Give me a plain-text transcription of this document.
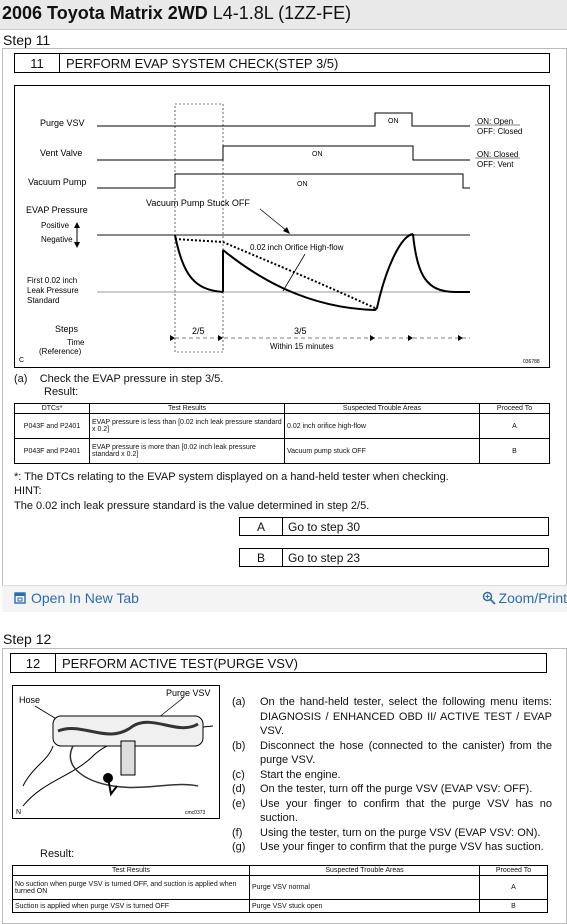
2006 Toyota Matrix 2WD L4-1.8L (1ZZ-FE)
Step 11
11	PERFORM EVAP SYSTEM CHECK(STEP 3/5)
Purge VSV
Vent Valve
Vacuum Pump
EVAP Pressure
Positive
Negative
First 0.02 inch
Leak Pressure
Standard
Steps
Time
(Reference)
C	036788
ON	ON: Open
OFF: Closed
ON	ON: Closed
OFF: Vent
ON
Vacuum Pump Stuck OFF
0.02 inch Orifice High-flow
2/5	3/5
Within 15 minutes
(a) Check the EVAP pressure in step 3/5.
Result:
DTCs*	Test Results	Suspected Trouble Areas	Proceed To
P043F and P2401	EVAP pressure is less than [0.02 inch leak pressure standard x 0.2]	0.02 inch orifice high-flow	A
P043F and P2401	EVAP pressure is more than [0.02 inch leak pressure standard x 0.2]	Vacuum pump stuck OFF	B
*: The DTCs relating to the EVAP system displayed on a hand-held tester when checking.
HINT:
The 0.02 inch leak pressure standard is the value determined in step 2/5.
A	Go to step 30
B	Go to step 23
Open In New Tab	Zoom/Print
Step 12
12	PERFORM ACTIVE TEST(PURGE VSV)
Hose
Purge VSV
N	cmc0373
(a)	On the hand-held tester, select the following menu items: DIAGNOSIS / ENHANCED OBD II/ ACTIVE TEST / EVAP VSV.
(b)	Disconnect the hose (connected to the canister) from the purge VSV.
(c)	Start the engine.
(d)	On the tester, turn off the purge VSV (EVAP VSV: OFF).
(e)	Use your finger to confirm that the purge VSV has no suction.
(f)	Using the tester, turn on the purge VSV (EVAP VSV: ON).
(g)	Use your finger to confirm that the purge VSV has suction.
Result:
Test Results	Suspected Trouble Areas	Proceed To
No suction when purge VSV is turned OFF, and suction is applied when turned ON	Purge VSV normal	A
Suction is applied when purge VSV is turned OFF	Purge VSV stuck open	B
